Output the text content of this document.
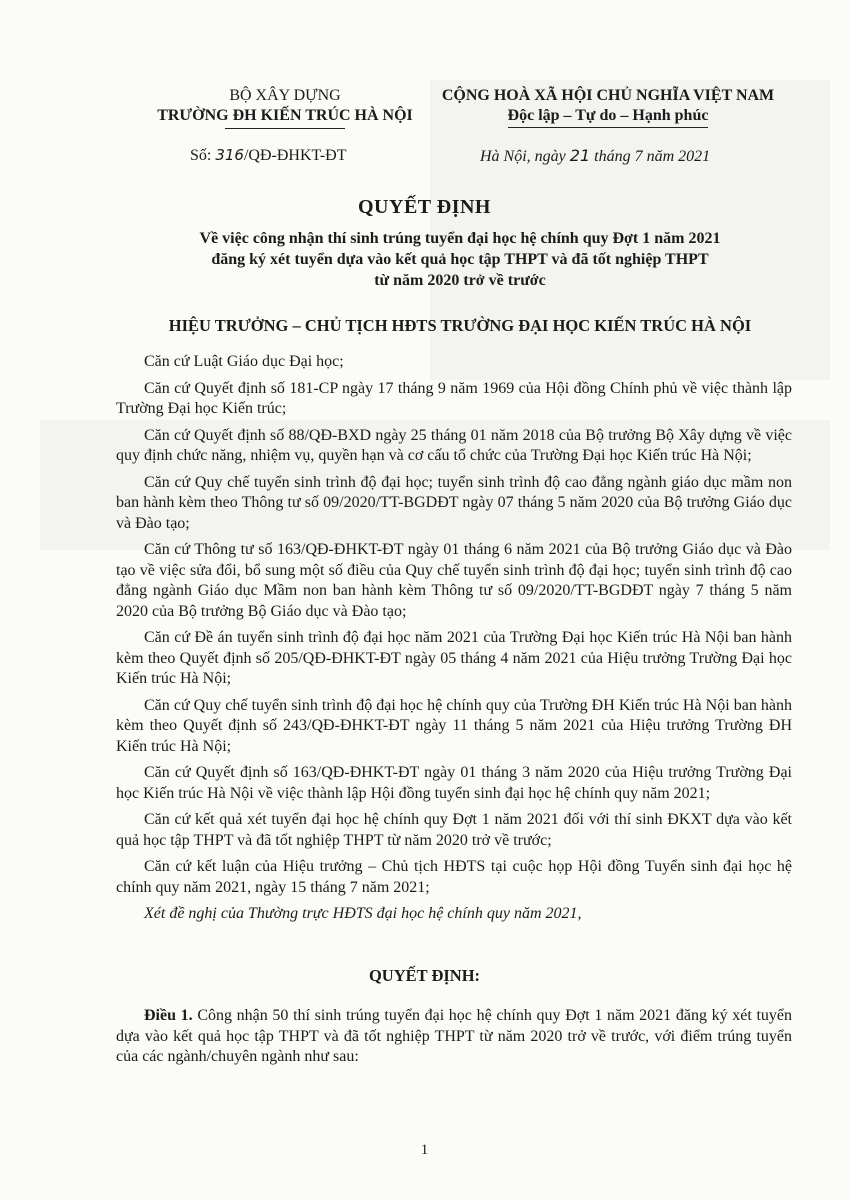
BỘ XÂY DỰNG
TRƯỜNG ĐH KIẾN TRÚC HÀ NỘI
CỘNG HOÀ XÃ HỘI CHỦ NGHĨA VIỆT NAM
Độc lập – Tự do – Hạnh phúc
Số: 316/QĐ-ĐHKT-ĐT	Hà Nội, ngày 21 tháng 7 năm 2021
QUYẾT ĐỊNH
Về việc công nhận thí sinh trúng tuyển đại học hệ chính quy Đợt 1 năm 2021
đăng ký xét tuyển dựa vào kết quả học tập THPT và đã tốt nghiệp THPT
từ năm 2020 trở về trước
HIỆU TRƯỞNG – CHỦ TỊCH HĐTS TRƯỜNG ĐẠI HỌC KIẾN TRÚC HÀ NỘI

Căn cứ Luật Giáo dục Đại học;

Căn cứ Quyết định số 181-CP ngày 17 tháng 9 năm 1969 của Hội đồng Chính phủ về việc thành lập Trường Đại học Kiến trúc;

Căn cứ Quyết định số 88/QĐ-BXD ngày 25 tháng 01 năm 2018 của Bộ trưởng Bộ Xây dựng về việc quy định chức năng, nhiệm vụ, quyền hạn và cơ cấu tổ chức của Trường Đại học Kiến trúc Hà Nội;

Căn cứ Quy chế tuyển sinh trình độ đại học; tuyển sinh trình độ cao đẳng ngành giáo dục mầm non ban hành kèm theo Thông tư số 09/2020/TT-BGDĐT ngày 07 tháng 5 năm 2020 của Bộ trưởng Giáo dục và Đào tạo;

Căn cứ Thông tư số 163/QĐ-ĐHKT-ĐT ngày 01 tháng 6 năm 2021 của Bộ trưởng Giáo dục và Đào tạo về việc sửa đổi, bổ sung một số điều của Quy chế tuyển sinh trình độ đại học; tuyển sinh trình độ cao đẳng ngành Giáo dục Mầm non ban hành kèm Thông tư số 09/2020/TT-BGDĐT ngày 7 tháng 5 năm 2020 của Bộ trưởng Bộ Giáo dục và Đào tạo;

Căn cứ Đề án tuyển sinh trình độ đại học năm 2021 của Trường Đại học Kiến trúc Hà Nội ban hành kèm theo Quyết định số 205/QĐ-ĐHKT-ĐT ngày 05 tháng 4 năm 2021 của Hiệu trưởng Trường Đại học Kiến trúc Hà Nội;

Căn cứ Quy chế tuyển sinh trình độ đại học hệ chính quy của Trường ĐH Kiến trúc Hà Nội ban hành kèm theo Quyết định số 243/QĐ-ĐHKT-ĐT ngày 11 tháng 5 năm 2021 của Hiệu trưởng Trường ĐH Kiến trúc Hà Nội;

Căn cứ Quyết định số 163/QĐ-ĐHKT-ĐT ngày 01 tháng 3 năm 2020 của Hiệu trưởng Trường Đại học Kiến trúc Hà Nội về việc thành lập Hội đồng tuyển sinh đại học hệ chính quy năm 2021;

Căn cứ kết quả xét tuyển đại học hệ chính quy Đợt 1 năm 2021 đối với thí sinh ĐKXT dựa vào kết quả học tập THPT và đã tốt nghiệp THPT từ năm 2020 trở về trước;

Căn cứ kết luận của Hiệu trưởng – Chủ tịch HĐTS tại cuộc họp Hội đồng Tuyển sinh đại học hệ chính quy năm 2021, ngày 15 tháng 7 năm 2021;

Xét đề nghị của Thường trực HĐTS đại học hệ chính quy năm 2021,

QUYẾT ĐỊNH:
Điều 1. Công nhận 50 thí sinh trúng tuyển đại học hệ chính quy Đợt 1 năm 2021 đăng ký xét tuyển dựa vào kết quả học tập THPT và đã tốt nghiệp THPT từ năm 2020 trở về trước, với điểm trúng tuyển của các ngành/chuyên ngành như sau:
1
